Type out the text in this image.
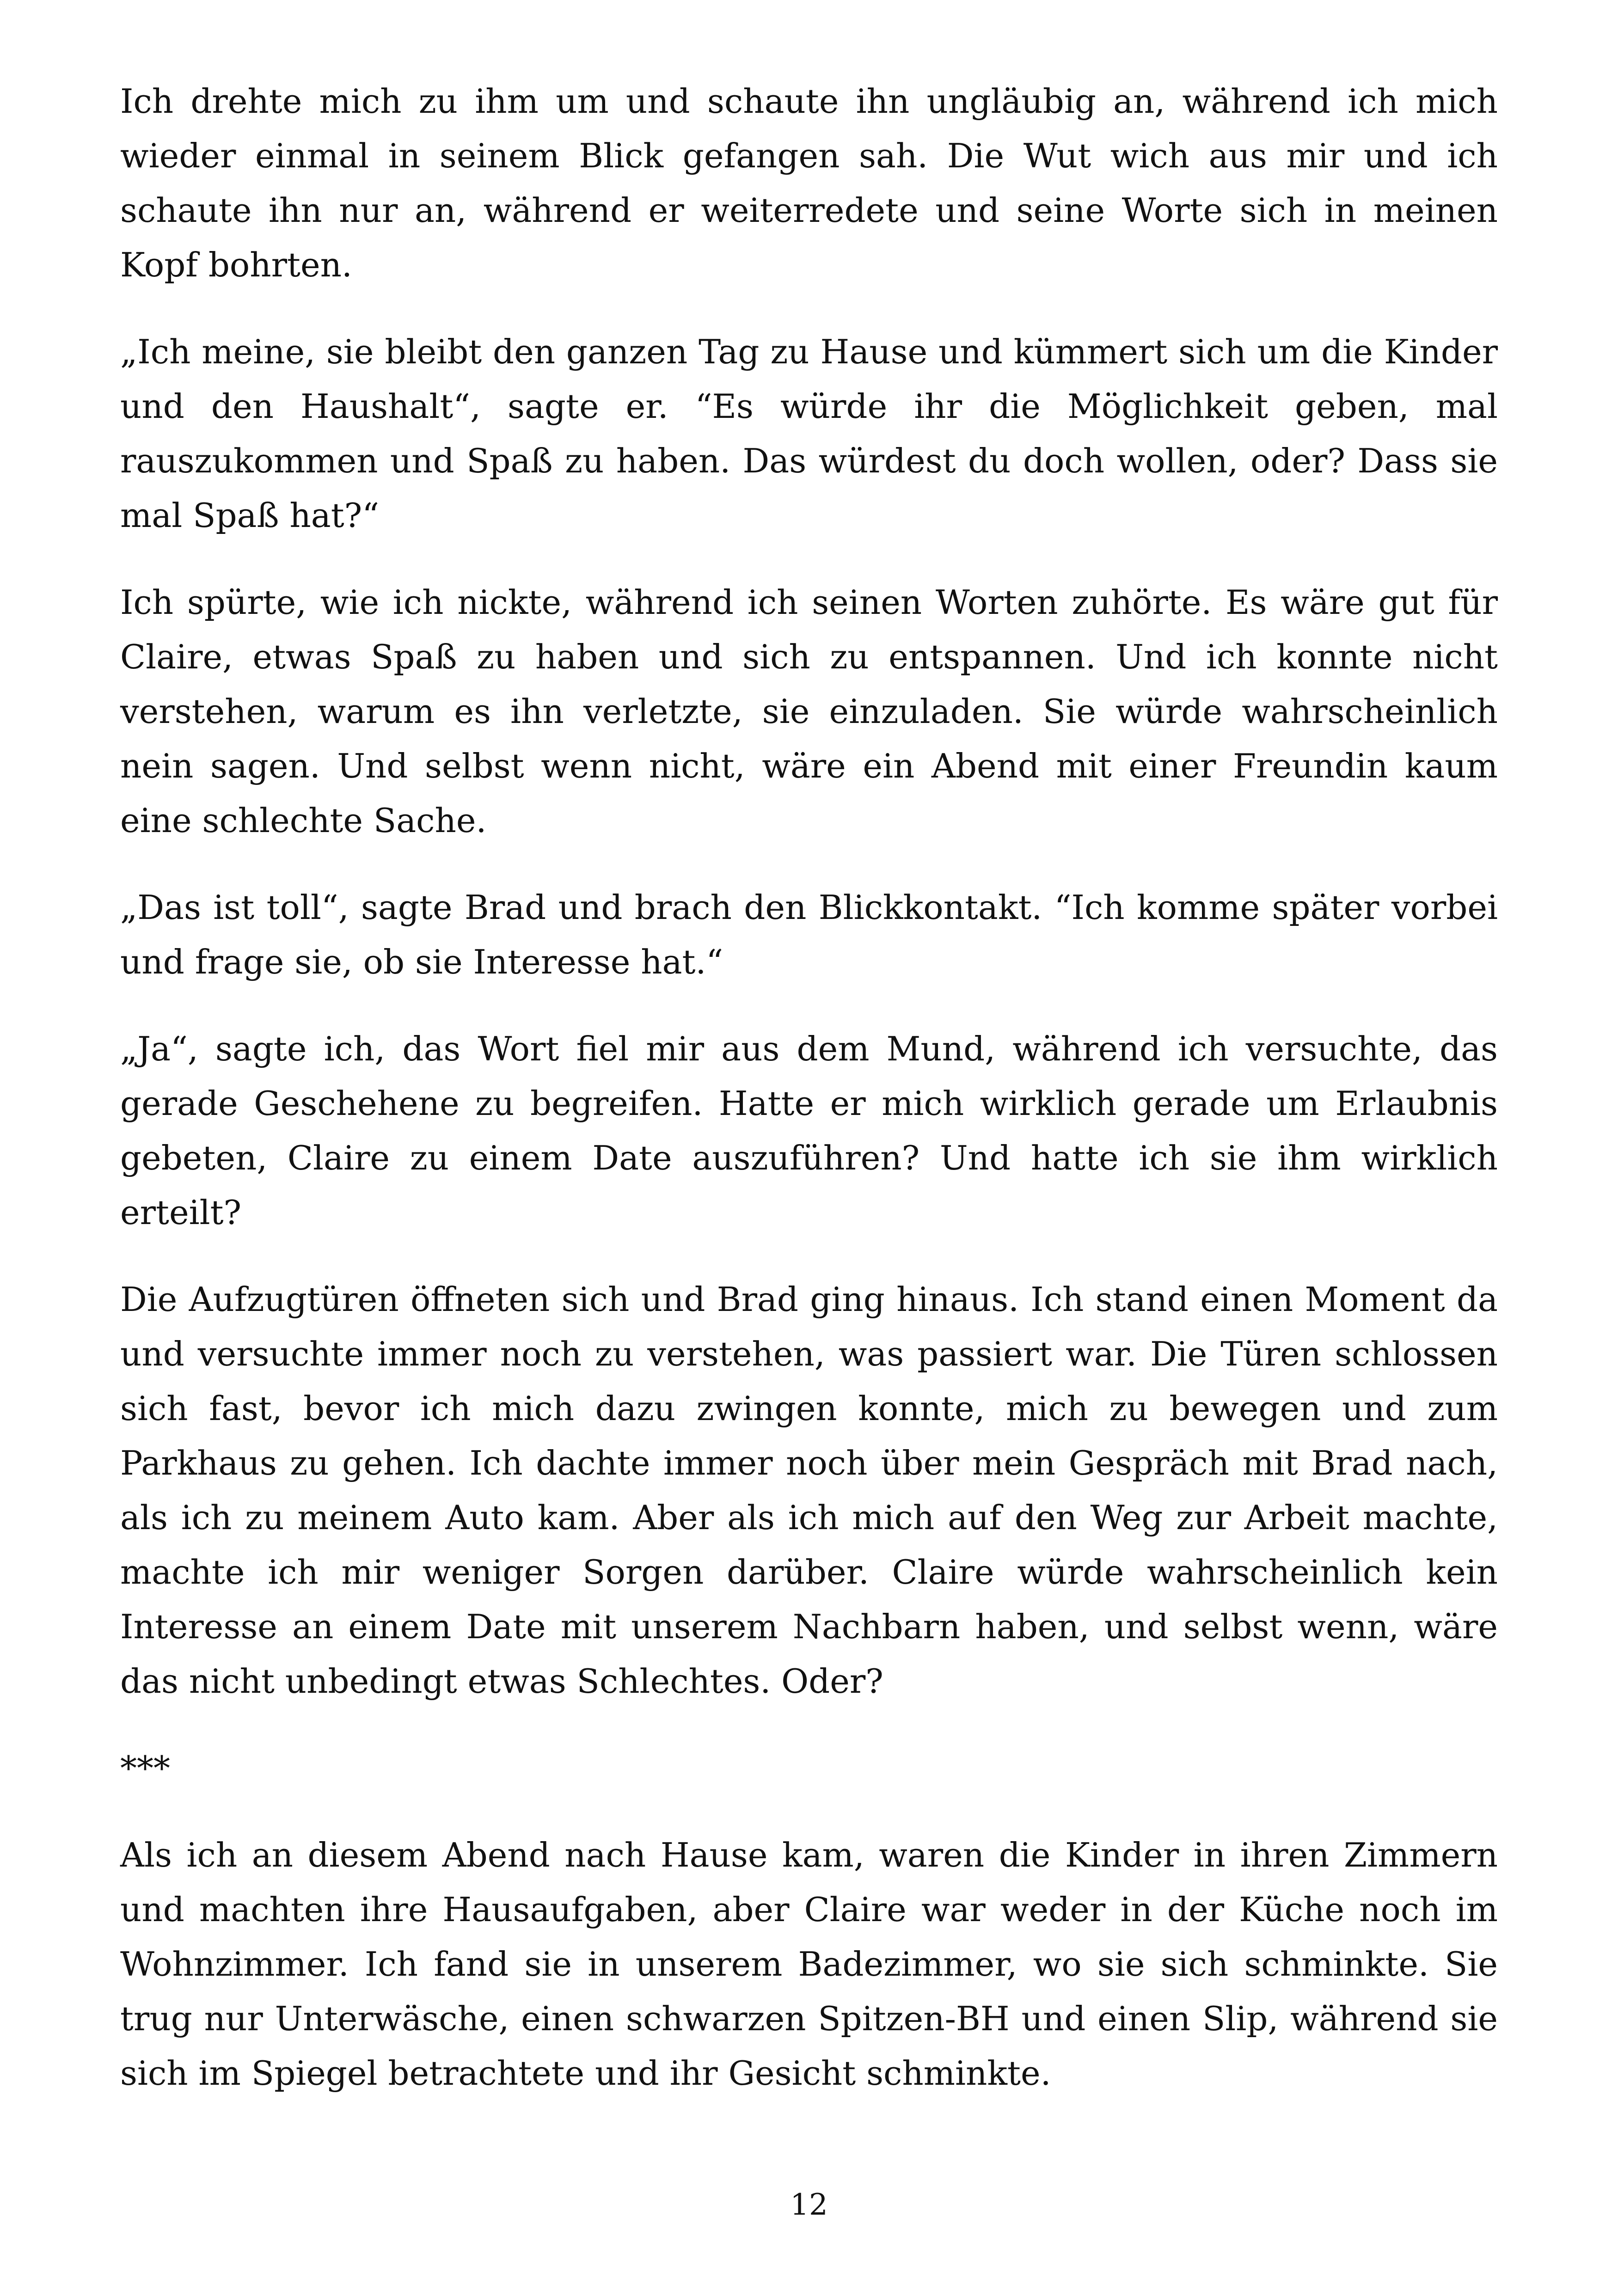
Ich drehte mich zu ihm um und schaute ihn ungläubig an, während ich mich wieder einmal in seinem Blick gefangen sah. Die Wut wich aus mir und ich schaute ihn nur an, während er weiterredete und seine Worte sich in meinen Kopf bohrten.

„Ich meine, sie bleibt den ganzen Tag zu Hause und kümmert sich um die Kinder und den Haushalt“, sagte er. “Es würde ihr die Möglichkeit geben, mal rauszukommen und Spaß zu haben. Das würdest du doch wollen, oder? Dass sie mal Spaß hat?“

Ich spürte, wie ich nickte, während ich seinen Worten zuhörte. Es wäre gut für Claire, etwas Spaß zu haben und sich zu entspannen. Und ich konnte nicht verstehen, warum es ihn verletzte, sie einzuladen. Sie würde wahrscheinlich nein sagen. Und selbst wenn nicht, wäre ein Abend mit einer Freundin kaum eine schlechte Sache.

„Das ist toll“, sagte Brad und brach den Blickkontakt. “Ich komme später vorbei und frage sie, ob sie Interesse hat.“

„Ja“, sagte ich, das Wort fiel mir aus dem Mund, während ich versuchte, das gerade Geschehene zu begreifen. Hatte er mich wirklich gerade um Erlaubnis gebeten, Claire zu einem Date auszuführen? Und hatte ich sie ihm wirklich erteilt?

Die Aufzugtüren öffneten sich und Brad ging hinaus. Ich stand einen Moment da und versuchte immer noch zu verstehen, was passiert war. Die Türen schlossen sich fast, bevor ich mich dazu zwingen konnte, mich zu bewegen und zum Parkhaus zu gehen. Ich dachte immer noch über mein Gespräch mit Brad nach, als ich zu meinem Auto kam. Aber als ich mich auf den Weg zur Arbeit machte, machte ich mir weniger Sorgen darüber. Claire würde wahrscheinlich kein Interesse an einem Date mit unserem Nachbarn haben, und selbst wenn, wäre das nicht unbedingt etwas Schlechtes. Oder?

***

Als ich an diesem Abend nach Hause kam, waren die Kinder in ihren Zimmern und machten ihre Hausaufgaben, aber Claire war weder in der Küche noch im Wohnzimmer. Ich fand sie in unserem Badezimmer, wo sie sich schminkte. Sie trug nur Unterwäsche, einen schwarzen Spitzen-BH und einen Slip, während sie sich im Spiegel betrachtete und ihr Gesicht schminkte.

12
